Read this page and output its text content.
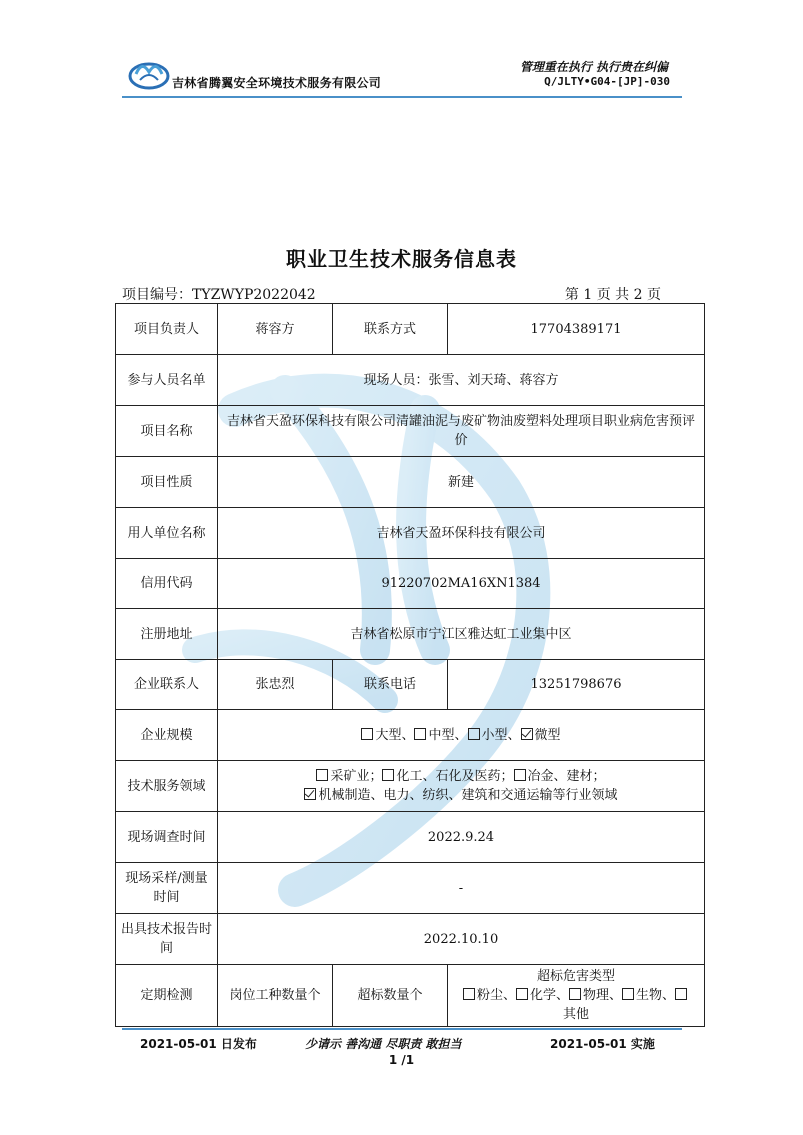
吉林省腾翼安全环境技术服务有限公司
管理重在执行 执行贵在纠偏
Q/JLTY•G04-[JP]-030
职业卫生技术服务信息表
项目编号：TYZWYP2022042	第 1 页 共 2 页
项目负责人	蒋容方	联系方式	17704389171
参与人员名单	现场人员：张雪、刘天琦、蒋容方		
项目名称	吉林省天盈环保科技有限公司清罐油泥与废矿物油废塑料处理项目职业病危害预评价		
项目性质	新建		
用人单位名称	吉林省天盈环保科技有限公司		
信用代码	91220702MA16XN1384		
注册地址	吉林省松原市宁江区雅达虹工业集中区		
企业联系人	张忠烈	联系电话	13251798676
企业规模	大型、 中型、 小型、 微型		
技术服务领域	采矿业； 化工、石化及医药； 冶金、建材；
机械制造、电力、纺织、建筑和交通运输等行业领域		

现场调查时间	2022.9.24		
现场采样/测量时间	-		
出具技术报告时间	2022.10.10		
定期检测	岗位工种数量个	超标数量个	超标危害类型
粉尘、 化学、 物理、 生物、
其他
2021-05-01 日发布	少请示 善沟通 尽职责 敢担当	2021-05-01 实施
1 /1
